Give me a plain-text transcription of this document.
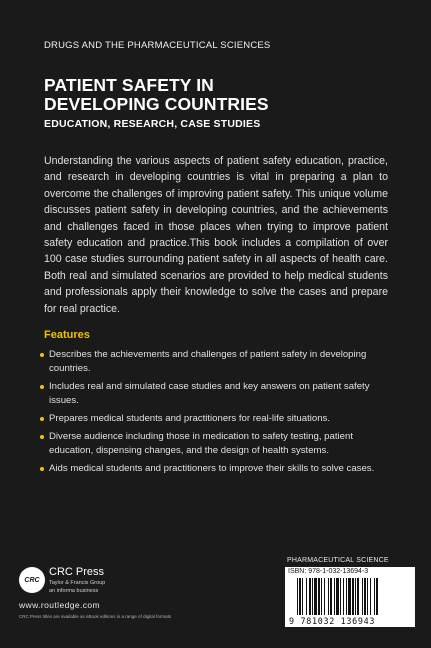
DRUGS AND THE PHARMACEUTICAL SCIENCES
PATIENT SAFETY IN
DEVELOPING COUNTRIES
EDUCATION, RESEARCH, CASE STUDIES

Understanding the various aspects of patient safety education, practice, and research in developing countries is vital in preparing a plan to overcome the challenges of improving patient safety. This unique volume discusses patient safety in developing countries, and the achievements and challenges faced in those places when trying to improve patient safety education and practice.This book includes a compilation of over 100 case studies surrounding patient safety in all aspects of health care. Both real and simulated scenarios are provided to help medical students and professionals apply their knowledge to solve the cases and prepare for real practice.

Features
Describes the achievements and challenges of patient safety in developing countries.
Includes real and simulated case studies and key answers on patient safety issues.
Prepares medical students and practitioners for real-life situations.
Diverse audience including those in medication to safety testing, patient education, dispensing changes, and the design of health systems.
Aids medical students and practitioners to improve their skills to solve cases.
CRC
CRC Press
Taylor & Francis Group
an informa business
www.routledge.com
CRC Press titles are available as eBook editions in a range of digital formats
PHARMACEUTICAL SCIENCE
ISBN: 978-1-032-13694-3
9 781032 136943
